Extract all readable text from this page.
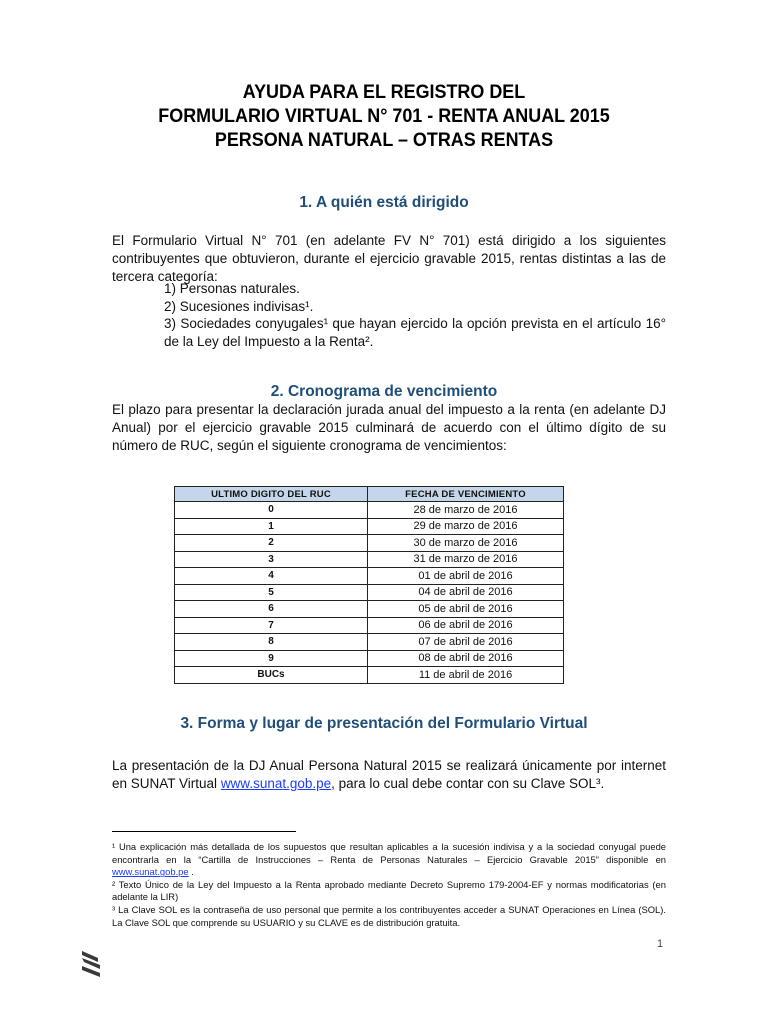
AYUDA PARA EL REGISTRO DEL
FORMULARIO VIRTUAL N° 701 - RENTA ANUAL 2015
PERSONA NATURAL – OTRAS RENTAS
1. A quién está dirigido
El Formulario Virtual N° 701 (en adelante FV N° 701) está dirigido a los siguientes contribuyentes que obtuvieron, durante el ejercicio gravable 2015, rentas distintas a las de tercera categoría:
1) Personas naturales.
2) Sucesiones indivisas¹.
3) Sociedades conyugales¹ que hayan ejercido la opción prevista en el artículo 16° de la Ley del Impuesto a la Renta².
2. Cronograma de vencimiento
El plazo para presentar la declaración jurada anual del impuesto a la renta (en adelante DJ Anual) por el ejercicio gravable 2015 culminará de acuerdo con el último dígito de su número de RUC, según el siguiente cronograma de vencimientos:
ULTIMO DIGITO DEL RUC	FECHA DE VENCIMIENTO
0	28 de marzo de 2016
1	29 de marzo de 2016
2	30 de marzo de 2016
3	31 de marzo de 2016
4	01 de abril de 2016
5	04 de abril de 2016
6	05 de abril de 2016
7	06 de abril de 2016
8	07 de abril de 2016
9	08 de abril de 2016
BUCs	11 de abril de 2016
3. Forma y lugar de presentación del Formulario Virtual
La presentación de la DJ Anual Persona Natural 2015 se realizará únicamente por internet en SUNAT Virtual www.sunat.gob.pe, para lo cual debe contar con su Clave SOL³.

¹ Una explicación más detallada de los supuestos que resultan aplicables a la sucesión indivisa y a la sociedad conyugal puede encontrarla en la “Cartilla de Instrucciones – Renta de Personas Naturales – Ejercicio Gravable 2015” disponible en www.sunat.gob.pe .

² Texto Único de la Ley del Impuesto a la Renta aprobado mediante Decreto Supremo 179-2004-EF y normas modificatorias (en adelante la LIR)

³ La Clave SOL es la contraseña de uso personal que permite a los contribuyentes acceder a SUNAT Operaciones en Línea (SOL). La Clave SOL que comprende su USUARIO y su CLAVE es de distribución gratuita.

1
